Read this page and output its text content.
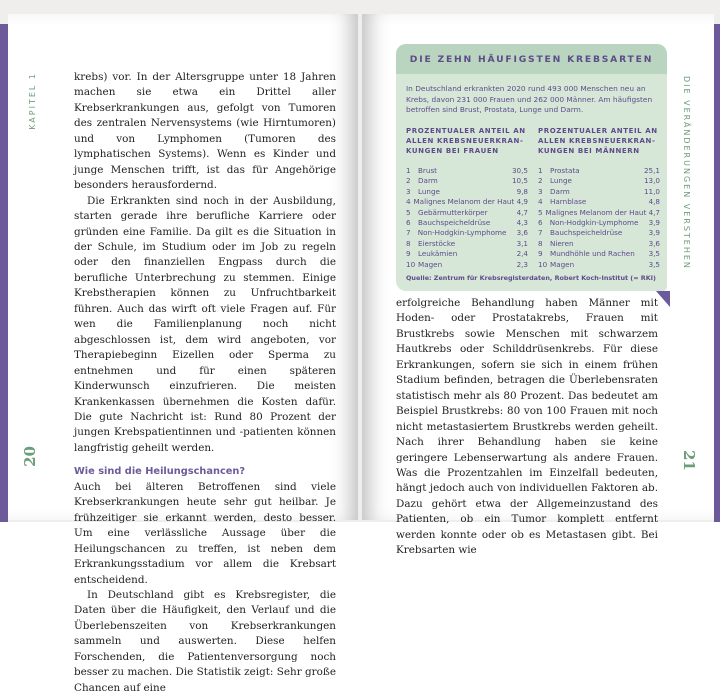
KAPITEL 1
20

krebs) vor. In der Altersgruppe unter 18 Jahren machen sie etwa ein Drittel aller Krebserkrankungen aus, gefolgt von Tumoren des zentralen Nervensystems (wie Hirntumoren) und von Lymphomen (Tumoren des lymphatischen Systems). Wenn es Kinder und junge Menschen trifft, ist das für Angehörige besonders herausfordernd.

Die Erkrankten sind noch in der Ausbildung, starten gerade ihre berufliche Karriere oder gründen eine Familie. Da gilt es die Situation in der Schule, im Studium oder im Job zu regeln oder den finanziellen Engpass durch die berufliche Unterbrechung zu stemmen. Einige Krebstherapien können zu Unfruchtbarkeit führen. Auch das wirft oft viele Fragen auf. Für wen die Familienplanung noch nicht abgeschlossen ist, dem wird angeboten, vor Therapiebeginn Eizellen oder Sperma zu entnehmen und für einen späteren Kinderwunsch einzufrieren. Die meisten Krankenkassen übernehmen die Kosten dafür. Die gute Nachricht ist: Rund 80 Prozent der jungen Krebspatientinnen und -patienten können langfristig geheilt werden.

Wie sind die Heilungschancen?

Auch bei älteren Betroffenen sind viele Krebserkrankungen heute sehr gut heilbar. Je frühzeitiger sie erkannt werden, desto besser. Um eine verlässliche Aussage über die Heilungschancen zu treffen, ist neben dem Erkrankungsstadium vor allem die Krebsart entscheidend.

In Deutschland gibt es Krebsregister, die Daten über die Häufigkeit, den Verlauf und die Überlebenszeiten von Krebserkrankungen sammeln und auswerten. Diese helfen Forschenden, die Patientenversorgung noch besser zu machen. Die Statistik zeigt: Sehr große Chancen auf eine

DIE VERÄNDERUNGEN VERSTEHEN
21
DIE ZEHN HÄUFIGSTEN KREBSARTEN
In Deutschland erkrankten 2020 rund 493 000 Menschen neu an Krebs, davon 231 000 Frauen und 262 000 Männer. Am häufigsten betroffen sind Brust, Prostata, Lunge und Darm.
PROZENTUALER ANTEIL AN ALLEN KREBSNEUERKRANKUNGEN BEI FRAUEN
PROZENTUALER ANTEIL AN ALLEN KREBSNEUERKRANKUNGEN BEI MÄNNERN
1	Brust	30,5
2	Darm	10,5
3	Lunge	9,8
4 Malignes Melanom der Haut 4,9
5	Gebärmutterkörper	4,7
6	Bauchspeicheldrüse	4,3
7 Non-Hodgkin-Lymphome	3,6
8	Eierstöcke	3,1
9	Leukämien	2,4
10 Magen	2,3
1	Prostata	25,1
2	Lunge	13,0
3	Darm	11,0
4	Harnblase	4,8
5 Malignes Melanom der Haut 4,7
6 Non-Hodgkin-Lymphome	3,9
7	Bauchspeicheldrüse	3,9
8	Nieren	3,6
9	Mundhöhle und Rachen	3,5
10 Magen	3,5
Quelle: Zentrum für Krebsregisterdaten, Robert Koch-Institut (= RKI)

erfolgreiche Behandlung haben Männer mit Hoden- oder Prostatakrebs, Frauen mit Brustkrebs sowie Menschen mit schwarzem Hautkrebs oder Schilddrüsenkrebs. Für diese Erkrankungen, sofern sie sich in einem frühen Stadium befinden, betragen die Überlebensraten statistisch mehr als 80 Prozent. Das bedeutet am Beispiel Brustkrebs: 80 von 100 Frauen mit noch nicht metastasiertem Brustkrebs werden geheilt. Nach ihrer Behandlung haben sie keine geringere Lebenserwartung als andere Frauen. Was die Prozentzahlen im Einzelfall bedeuten, hängt jedoch auch von individuellen Faktoren ab. Dazu gehört etwa der Allgemeinzustand des Patienten, ob ein Tumor komplett entfernt werden konnte oder ob es Metastasen gibt. Bei Krebsarten wie
